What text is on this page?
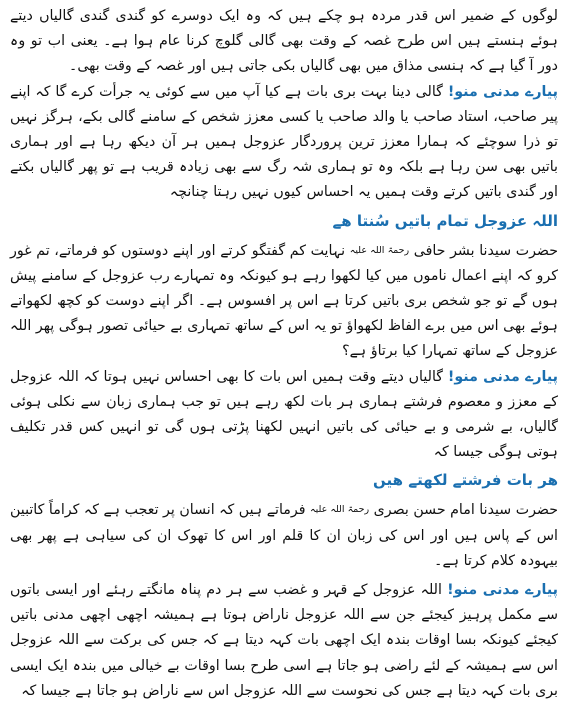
لوگوں کے ضمیر اس قدر مردہ ہو چکے ہیں کہ وہ ایک دوسرے کو گندی گندی گالیاں دیتے ہوئے ہنستے ہیں اس طرح غصہ کے وقت بھی گالی گلوچ کرنا عام ہوا ہے۔ یعنی اب تو وہ دور آ گیا ہے کہ ہنسی مذاق میں بھی گالیاں بکی جاتی ہیں اور غصہ کے وقت بھی۔

پیارے مدنی منو! گالی دینا بہت بری بات ہے کیا آپ میں سے کوئی یہ جرأت کرے گا کہ اپنے پیر صاحب، استاد صاحب یا والد صاحب یا کسی معزز شخص کے سامنے گالی بکے، ہرگز نہیں تو ذرا سوچئے کہ ہمارا معزز ترین پروردگار عزوجل ہمیں ہر آن دیکھ رہا ہے اور ہماری باتیں بھی سن رہا ہے بلکہ وہ تو ہماری شہ رگ سے بھی زیادہ قریب ہے تو پھر گالیاں بکتے اور گندی باتیں کرتے وقت ہمیں یہ احساس کیوں نہیں رہتا چنانچہ

اللہ عزوجل تمام باتیں سُنتا ھے

حضرت سیدنا بشر حافی رحمۃ اللہ علیہ نہایت کم گفتگو کرتے اور اپنے دوستوں کو فرماتے، تم غور کرو کہ اپنے اعمال ناموں میں کیا لکھوا رہے ہو کیونکہ وہ تمہارے رب عزوجل کے سامنے پیش ہوں گے تو جو شخص بری باتیں کرتا ہے اس پر افسوس ہے۔ اگر اپنے دوست کو کچھ لکھواتے ہوئے بھی اس میں برے الفاظ لکھواؤ تو یہ اس کے ساتھ تمہاری بے حیائی تصور ہوگی پھر اللہ عزوجل کے ساتھ تمہارا کیا برتاؤ ہے؟

پیارے مدنی منو! گالیاں دیتے وقت ہمیں اس بات کا بھی احساس نہیں ہوتا کہ اللہ عزوجل کے معزز و معصوم فرشتے ہماری ہر بات لکھ رہے ہیں تو جب ہماری زبان سے نکلی ہوئی گالیاں، بے شرمی و بے حیائی کی باتیں انہیں لکھنا پڑتی ہوں گی تو انہیں کس قدر تکلیف ہوتی ہوگی جیسا کہ

ھر بات فرشتے لکھتے ھیں

حضرت سیدنا امام حسن بصری رحمۃ اللہ علیہ فرماتے ہیں کہ انسان پر تعجب ہے کہ کراماً کاتبین اس کے پاس ہیں اور اس کی زبان ان کا قلم اور اس کا تھوک ان کی سیاہی ہے پھر بھی بیہودہ کلام کرتا ہے۔

پیارے مدنی منو! اللہ عزوجل کے قہر و غضب سے ہر دم پناہ مانگتے رہئے اور ایسی باتوں سے مکمل پرہیز کیجئے جن سے اللہ عزوجل ناراض ہوتا ہے ہمیشہ اچھی اچھی مدنی باتیں کیجئے کیونکہ بسا اوقات بندہ ایک اچھی بات کہہ دیتا ہے کہ جس کی برکت سے اللہ عزوجل اس سے ہمیشہ کے لئے راضی ہو جاتا ہے اسی طرح بسا اوقات بے خیالی میں بندہ ایک ایسی بری بات کہہ دیتا ہے جس کی نحوست سے اللہ عزوجل اس سے ناراض ہو جاتا ہے جیسا کہ
